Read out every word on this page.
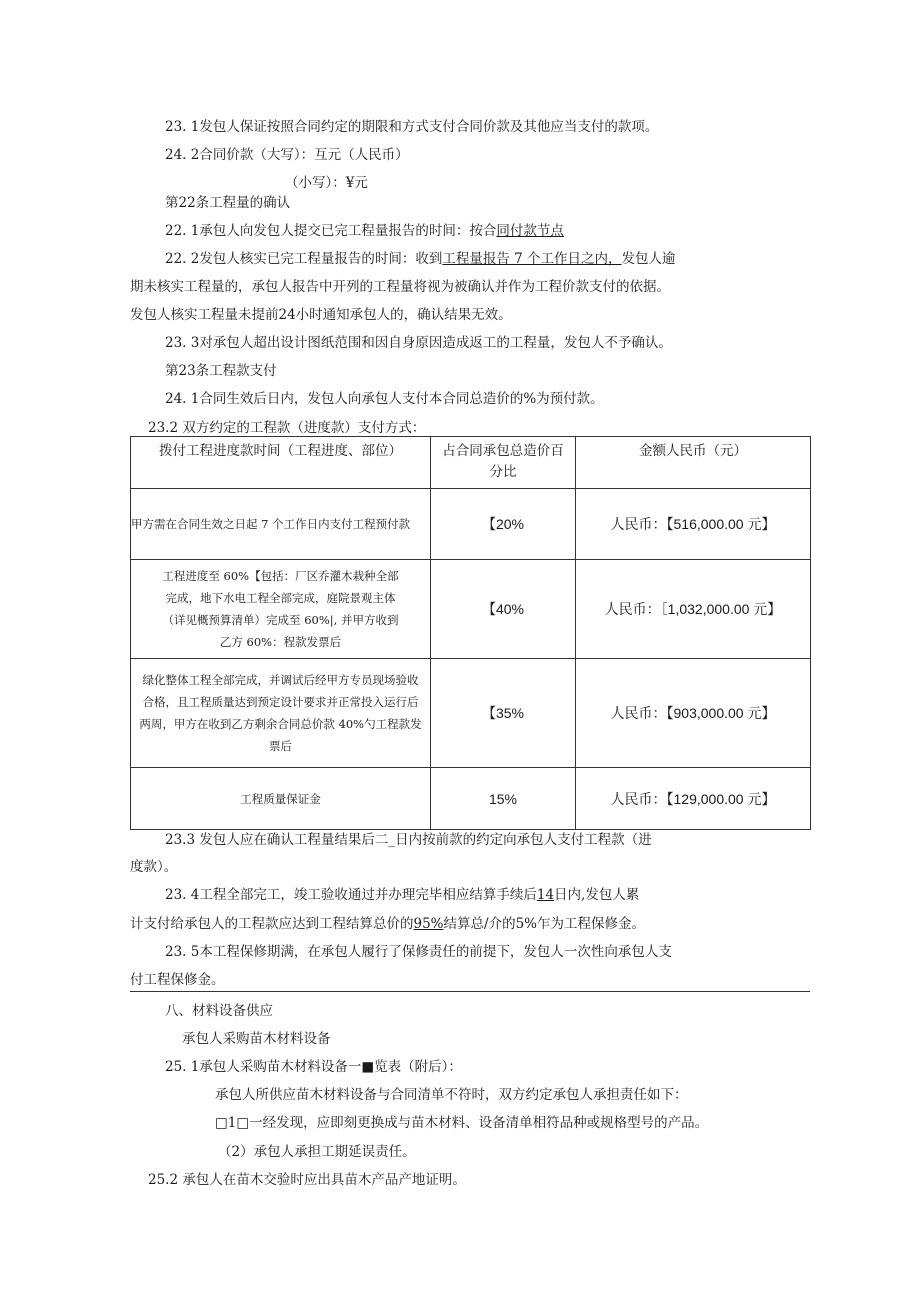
23. 1发包人保证按照合同约定的期限和方式支付合同价款及其他应当支付的款项。
24. 2合同价款（大写）：互元（人民币）
（小写）：¥元
第22条工程量的确认
22. 1承包人向发包人提交已完工程量报告的时间：按合同付款节点
22. 2发包人核实已完工程量报告的时间：收到工程量报告 7 个工作日之内，发包人逾
期未核实工程量的，承包人报告中开列的工程量将视为被确认并作为工程价款支付的依据。
发包人核实工程量未提前24小时通知承包人的，确认结果无效。
23. 3对承包人超出设计图纸范围和因自身原因造成返工的工程量，发包人不予确认。
第23条工程款支付
24. 1合同生效后日内，发包人向承包人支付本合同总造价的%为预付款。
23.2 双方约定的工程款（进度款）支付方式：
拨付工程进度款时间（工程进度、部位）	占合同承包总造价百分比	金额人民币（元）
甲方需在合同生效之日起 7 个工作日内支付工程预付款	【20%	人民币：【516,000.00 元】

工程进度至 60%【包括：厂区乔灌木栽种全部
完成，地下水电工程全部完成，庭院景观主体
（详见概预算清单）完成至 60%|, 并甲方收到
乙方 60%：程款发票后	【40%	人民币：［1,032,000.00 元】

绿化整体工程全部完成，并调试后经甲方专员现场验收
合格，且工程质量达到预定设计要求并正常投入运行后
两周，甲方在收到乙方剩余合同总价款 40%勺工程款发
票后	【35%	人民币：【903,000.00 元】
工程质量保证金	15%	人民币：【129,000.00 元】
23.3 发包人应在确认工程量结果后二_日内按前款的约定向承包人支付工程款（进
度款）。
23. 4工程全部完工，竣工验收通过并办理完毕相应结算手续后14日内,发包人累
计支付给承包人的工程款应达到工程结算总价的95%结算总/介的5%乍为工程保修金。
23. 5本工程保修期满，在承包人履行了保修责任的前提下，发包人一次性向承包人支
付工程保修金。
八、材料设备供应
承包人采购苗木材料设备
25. 1承包人采购苗木材料设备一■览表（附后）：
承包人所供应苗木材料设备与合同清单不符时，双方约定承包人承担责任如下：
□1□一经发现，应即刻更换成与苗木材料、设备清单相符品种或规格型号的产品。
（2）承包人承担工期延误责任。
25.2 承包人在苗木交验时应出具苗木产品产地证明。
